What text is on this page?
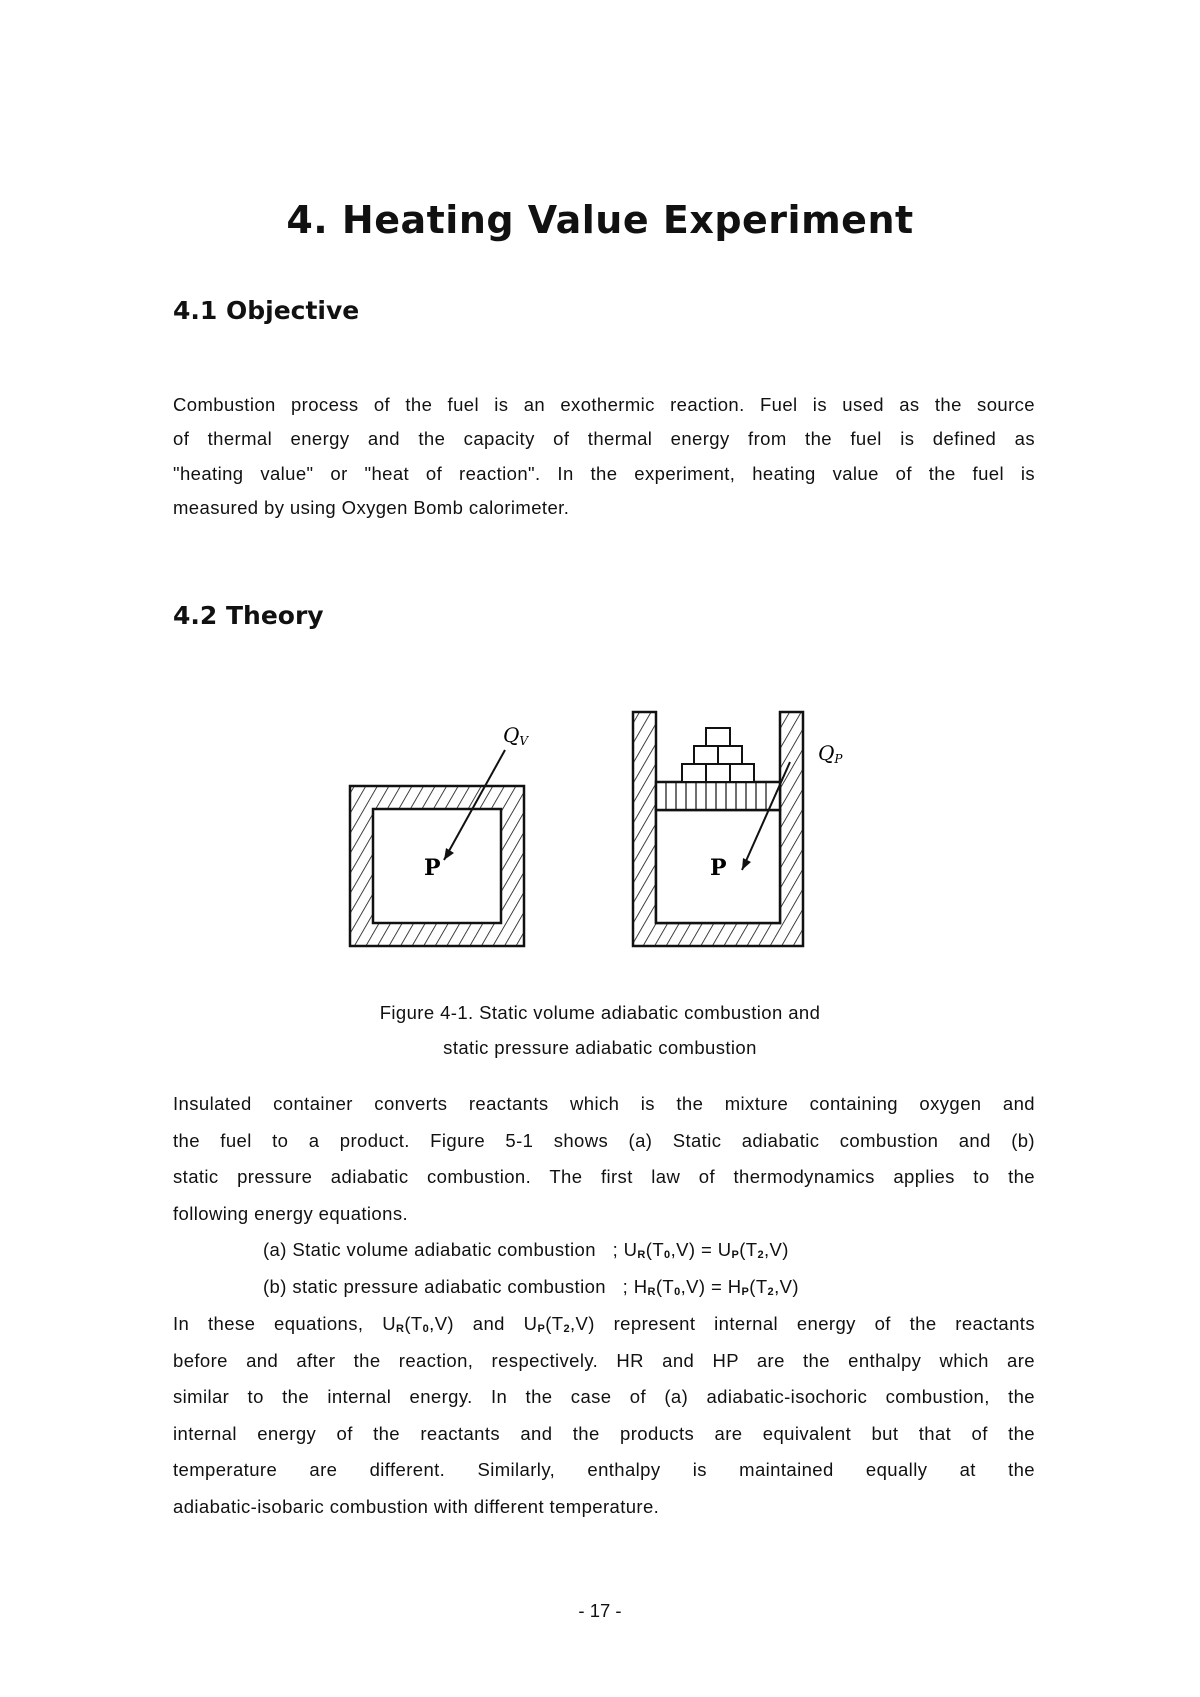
4. Heating Value Experiment
4.1 Objective
Combustion process of the fuel is an exothermic reaction. Fuel is used as the source
of thermal energy and the capacity of thermal energy from the fuel is defined as
"heating value" or "heat of reaction". In the experiment, heating value of the fuel is
measured by using Oxygen Bomb calorimeter.
4.2 Theory
QV
P
QP
P
Figure 4-1. Static volume adiabatic combustion and
static pressure adiabatic combustion
Insulated container converts reactants which is the mixture containing oxygen and
the fuel to a product. Figure 5-1 shows (a) Static adiabatic combustion and (b)
static pressure adiabatic combustion. The first law of thermodynamics applies to the
following energy equations.
(a) Static volume adiabatic combustion ; $U_R(T_0,V) = U_P(T_2,V)$
(b) static pressure adiabatic combustion ; $H_R(T_0,V) = H_P(T_2,V)$
In these equations, $U_R(T_0,V)$ and $U_P(T_2,V)$ represent internal energy of the reactants
before and after the reaction, respectively. HR and HP are the enthalpy which are
similar to the internal energy. In the case of (a) adiabatic-isochoric combustion, the
internal energy of the reactants and the products are equivalent but that of the
temperature are different. Similarly, enthalpy is maintained equally at the
adiabatic-isobaric combustion with different temperature.
- 17 -
